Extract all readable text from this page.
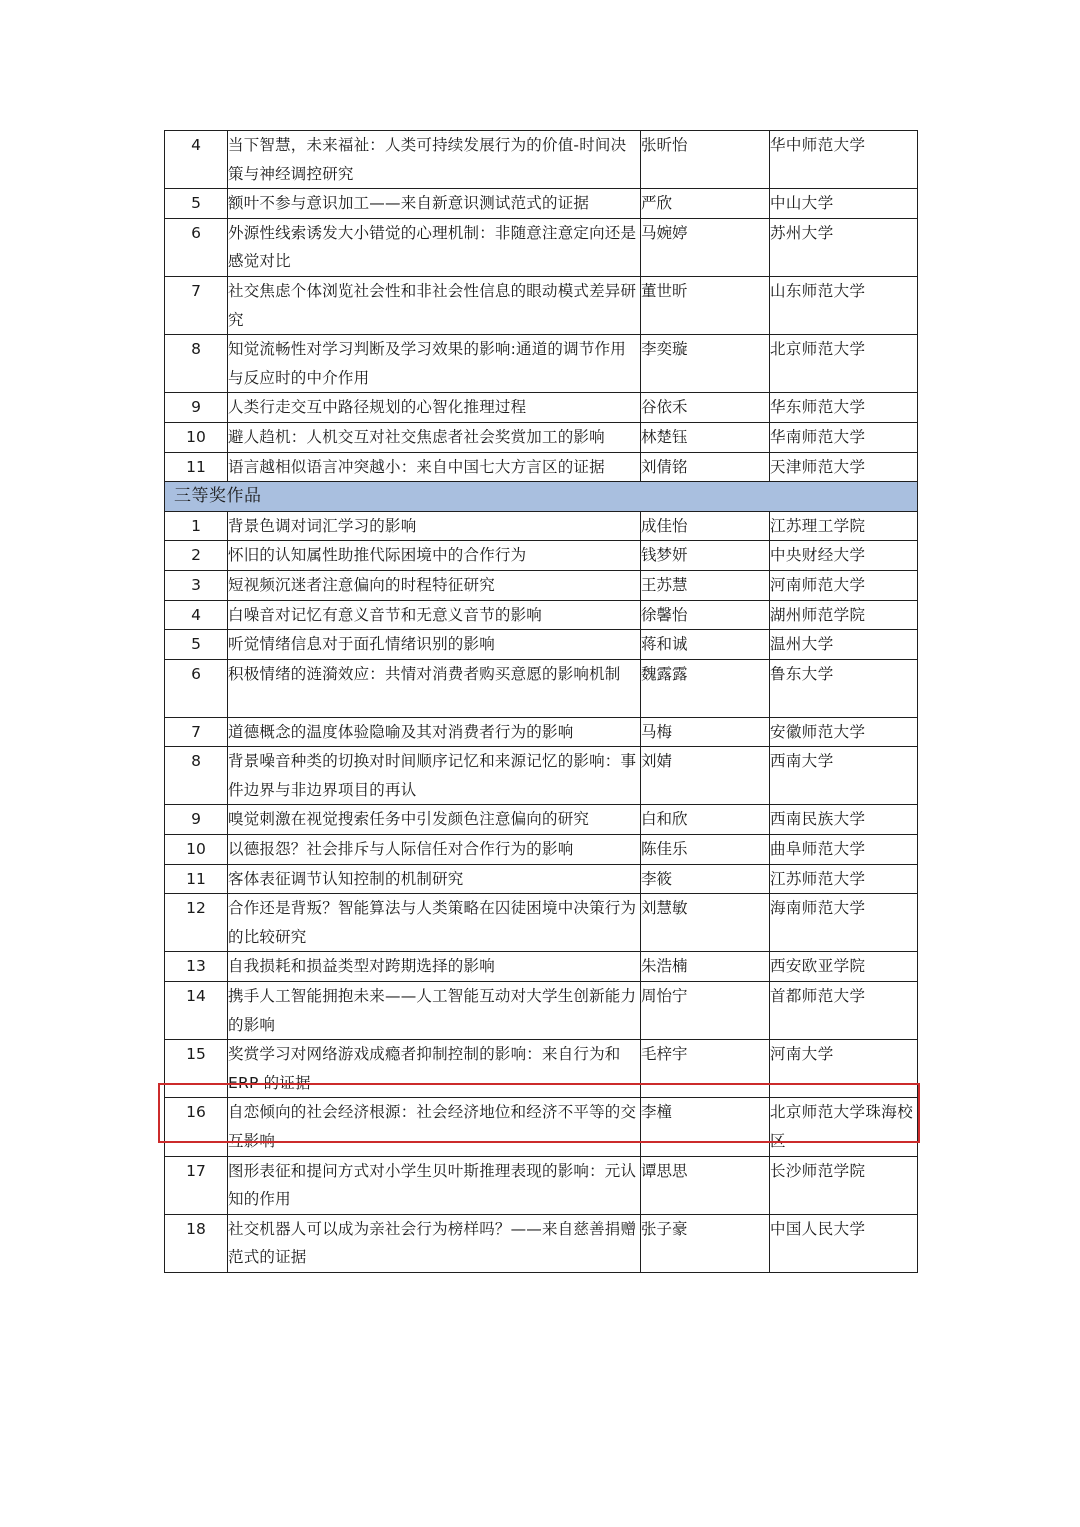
4	当下智慧，未来福祉：人类可持续发展行为的价值-时间决策与神经调控研究	张昕怡	华中师范大学
5	额叶不参与意识加工——来自新意识测试范式的证据	严欣	中山大学
6	外源性线索诱发大小错觉的心理机制：非随意注意定向还是感觉对比	马婉婷	苏州大学
7	社交焦虑个体浏览社会性和非社会性信息的眼动模式差异研究	董世昕	山东师范大学
8	知觉流畅性对学习判断及学习效果的影响:通道的调节作用与反应时的中介作用	李奕璇	北京师范大学
9	人类行走交互中路径规划的心智化推理过程	谷依禾	华东师范大学
10	避人趋机：人机交互对社交焦虑者社会奖赏加工的影响	林楚钰	华南师范大学
11	语言越相似语言冲突越小：来自中国七大方言区的证据	刘倩铭	天津师范大学
三等奖作品			
1	背景色调对词汇学习的影响	成佳怡	江苏理工学院
2	怀旧的认知属性助推代际困境中的合作行为	钱梦妍	中央财经大学
3	短视频沉迷者注意偏向的时程特征研究	王苏慧	河南师范大学
4	白噪音对记忆有意义音节和无意义音节的影响	徐馨怡	湖州师范学院
5	听觉情绪信息对于面孔情绪识别的影响	蒋和诚	温州大学
6	积极情绪的涟漪效应：共情对消费者购买意愿的影响机制	魏露露	鲁东大学
7	道德概念的温度体验隐喻及其对消费者行为的影响	马梅	安徽师范大学
8	背景噪音种类的切换对时间顺序记忆和来源记忆的影响：事件边界与非边界项目的再认	刘婧	西南大学
9	嗅觉刺激在视觉搜索任务中引发颜色注意偏向的研究	白和欣	西南民族大学
10	以德报怨？社会排斥与人际信任对合作行为的影响	陈佳乐	曲阜师范大学
11	客体表征调节认知控制的机制研究	李筱	江苏师范大学
12	合作还是背叛？智能算法与人类策略在囚徒困境中决策行为的比较研究	刘慧敏	海南师范大学
13	自我损耗和损益类型对跨期选择的影响	朱浩楠	西安欧亚学院
14	携手人工智能拥抱未来——人工智能互动对大学生创新能力的影响	周怡宁	首都师范大学
15	奖赏学习对网络游戏成瘾者抑制控制的影响：来自行为和 ERP 的证据	毛梓宇	河南大学
16	自恋倾向的社会经济根源：社会经济地位和经济不平等的交互影响	李橦	北京师范大学珠海校区
17	图形表征和提问方式对小学生贝叶斯推理表现的影响：元认知的作用	谭思思	长沙师范学院
18	社交机器人可以成为亲社会行为榜样吗？——来自慈善捐赠范式的证据	张子豪	中国人民大学
